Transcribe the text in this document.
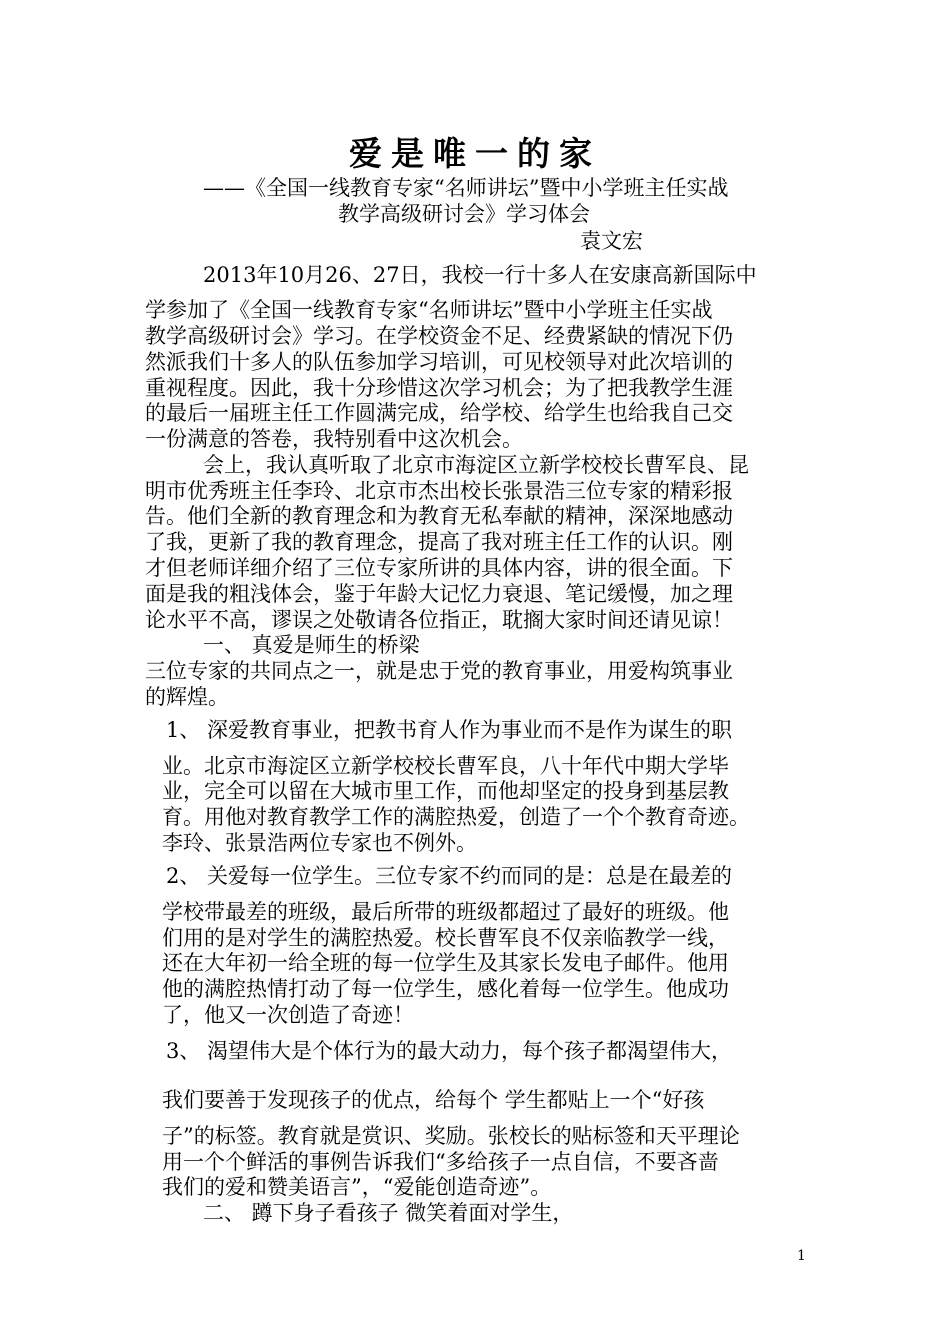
爱是唯一的家
——《全国一线教育专家“名师讲坛”暨中小学班主任实战
教学高级研讨会》学习体会
袁文宏
2013年10月26、27日，我校一行十多人在安康高新国际中
学参加了《全国一线教育专家“名师讲坛”暨中小学班主任实战
教学高级研讨会》学习。在学校资金不足、经费紧缺的情况下仍
然派我们十多人的队伍参加学习培训，可见校领导对此次培训的
重视程度。因此，我十分珍惜这次学习机会；为了把我教学生涯
的最后一届班主任工作圆满完成，给学校、给学生也给我自己交
一份满意的答卷，我特别看中这次机会。
会上，我认真听取了北京市海淀区立新学校校长曹军良、昆
明市优秀班主任李玲、北京市杰出校长张景浩三位专家的精彩报
告。他们全新的教育理念和为教育无私奉献的精神，深深地感动
了我，更新了我的教育理念，提高了我对班主任工作的认识。刚
才但老师详细介绍了三位专家所讲的具体内容，讲的很全面。下
面是我的粗浅体会，鉴于年龄大记忆力衰退、笔记缓慢，加之理
论水平不高，谬误之处敬请各位指正，耽搁大家时间还请见谅！
一、 真爱是师生的桥梁
三位专家的共同点之一，就是忠于党的教育事业，用爱构筑事业
的辉煌。
1、 深爱教育事业，把教书育人作为事业而不是作为谋生的职
业。北京市海淀区立新学校校长曹军良，八十年代中期大学毕
业，完全可以留在大城市里工作，而他却坚定的投身到基层教
育。用他对教育教学工作的满腔热爱，创造了一个个教育奇迹。
李玲、张景浩两位专家也不例外。
2、 关爱每一位学生。三位专家不约而同的是：总是在最差的
学校带最差的班级，最后所带的班级都超过了最好的班级。他
们用的是对学生的满腔热爱。校长曹军良不仅亲临教学一线，
还在大年初一给全班的每一位学生及其家长发电子邮件。他用
他的满腔热情打动了每一位学生，感化着每一位学生。他成功
了，他又一次创造了奇迹！
3、 渴望伟大是个体行为的最大动力，每个孩子都渴望伟大，
我们要善于发现孩子的优点，给每个 学生都贴上一个“好孩
子”的标签。教育就是赏识、奖励。张校长的贴标签和天平理论
用一个个鲜活的事例告诉我们“多给孩子一点自信，不要吝啬
我们的爱和赞美语言”，“爱能创造奇迹”。
二、 蹲下身子看孩子 微笑着面对学生，
1
